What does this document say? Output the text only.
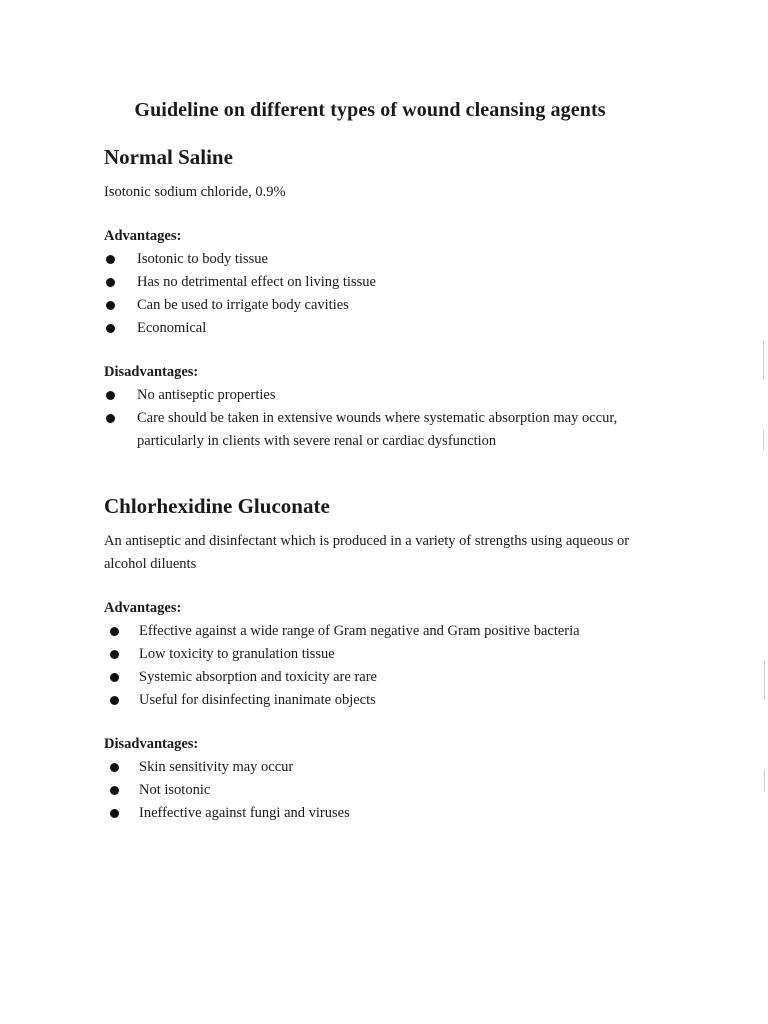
Guideline on different types of wound cleansing agents
Normal Saline

Isotonic sodium chloride, 0.9%

Advantages:
Isotonic to body tissue
Has no detrimental effect on living tissue
Can be used to irrigate body cavities
Economical
Disadvantages:
No antiseptic properties
Care should be taken in extensive wounds where systematic absorption may occur, particularly in clients with severe renal or cardiac dysfunction
Chlorhexidine Gluconate

An antiseptic and disinfectant which is produced in a variety of strengths using aqueous or alcohol diluents

Advantages:
Effective against a wide range of Gram negative and Gram positive bacteria
Low toxicity to granulation tissue
Systemic absorption and toxicity are rare
Useful for disinfecting inanimate objects
Disadvantages:
Skin sensitivity may occur
Not isotonic
Ineffective against fungi and viruses
